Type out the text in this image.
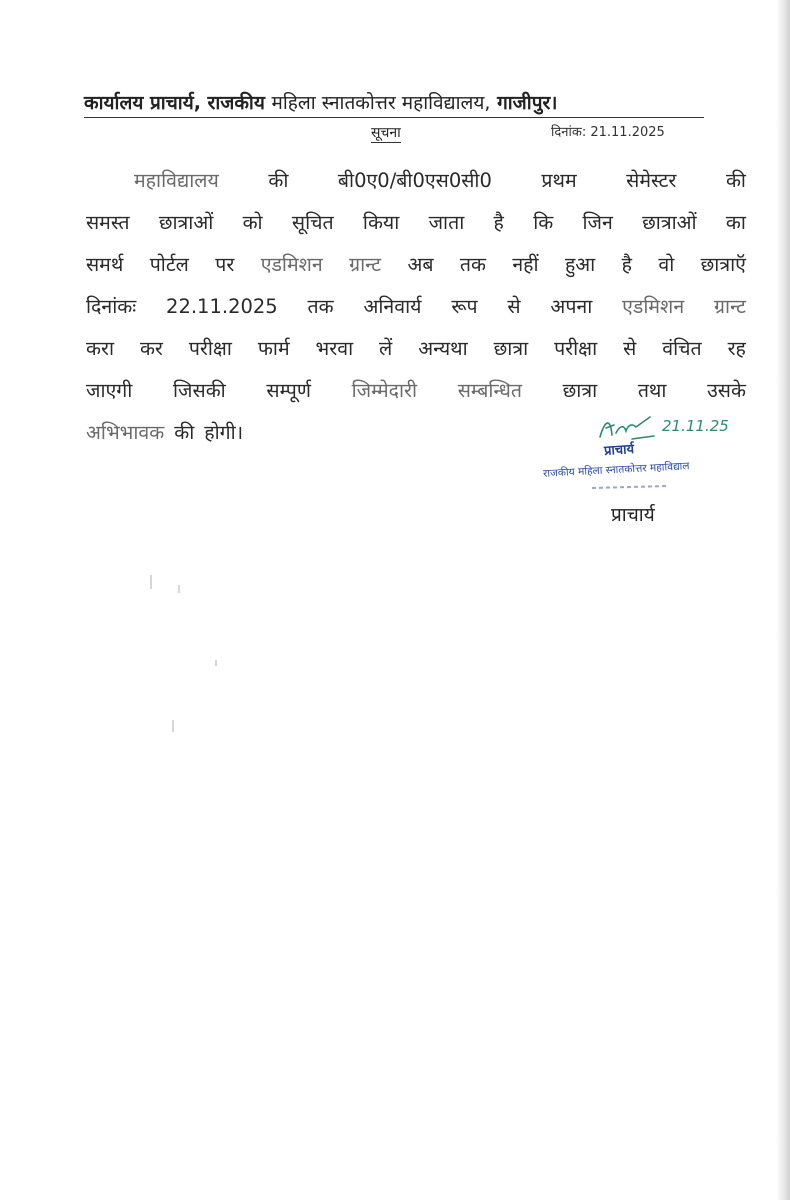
कार्यालय प्राचार्य, राजकीय महिला स्नातकोत्तर महाविद्यालय, गाजीपुर।
सूचना	दिनांक: 21.11.2025
महाविद्यालय	की	बी0ए0/बी0एस0सी0	प्रथम	सेमेस्टर	की
समस्त छात्राओं को सूचित किया जाता है कि जिन छात्राओं का
समर्थ पोर्टल पर एडमिशन ग्रान्ट अब तक नहीं हुआ है वो छात्राऍ
दिनांकः 22.11.2025 तक अनिवार्य रूप से अपना एडमिशन ग्रान्ट
करा कर परीक्षा फार्म भरवा लें अन्यथा छात्रा परीक्षा से वंचित रह
जाएगी जिसकी सम्पूर्ण जिम्मेदारी सम्बन्धित छात्रा तथा उसके
अभिभावक की होगी।	21.11.25
प्राचार्य
राजकीय महिला स्नातकोत्तर महाविद्याल
प्राचार्य
